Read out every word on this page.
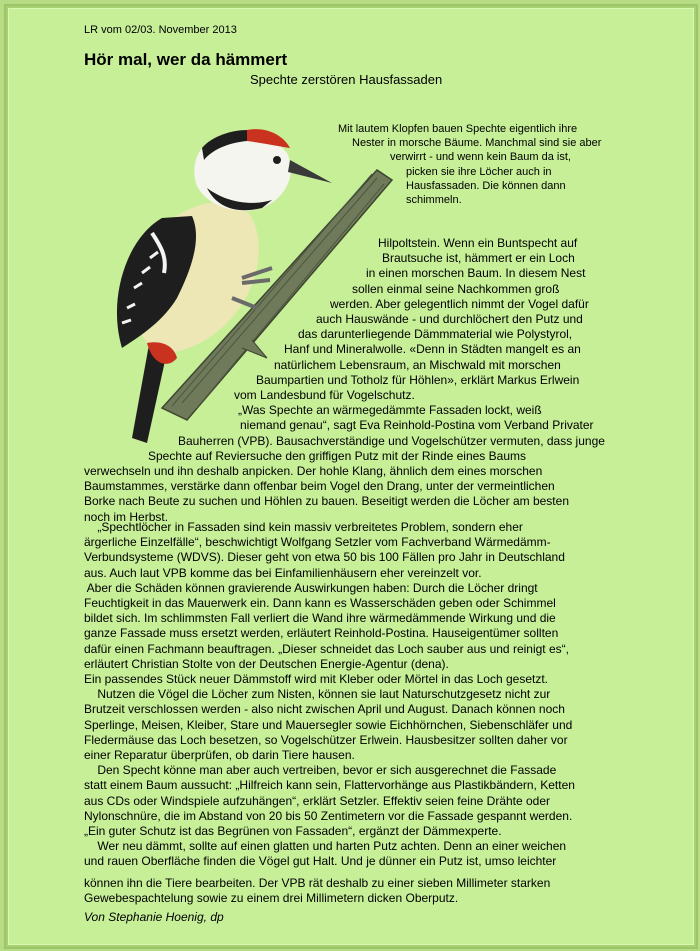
LR vom 02/03. November 2013
Hör mal, wer da hämmert
Spechte zerstören Hausfassaden
Mit lautem Klopfen bauen Spechte eigentlich ihre
Nester in morsche Bäume. Manchmal sind sie aber
verwirrt - und wenn kein Baum da ist,
picken sie ihre Löcher auch in
Hausfassaden. Die können dann
schimmeln.
Hilpoltstein. Wenn ein Buntspecht auf
Brautsuche ist, hämmert er ein Loch
in einen morschen Baum. In diesem Nest
sollen einmal seine Nachkommen groß
werden. Aber gelegentlich nimmt der Vogel dafür
auch Hauswände - und durchlöchert den Putz und
das darunterliegende Dämmmaterial wie Polystyrol,
Hanf und Mineralwolle. «Denn in Städten mangelt es an
natürlichem Lebensraum, an Mischwald mit morschen
Baumpartien und Totholz für Höhlen», erklärt Markus Erlwein
vom Landesbund für Vogelschutz.
„Was Spechte an wärmegedämmte Fassaden lockt, weiß
niemand genau“, sagt Eva Reinhold-Postina vom Verband Privater
Bauherren (VPB). Bausachverständige und Vogelschützer vermuten, dass junge
Spechte auf Reviersuche den griffigen Putz mit der Rinde eines Baums
verwechseln und ihn deshalb anpicken. Der hohle Klang, ähnlich dem eines morschen
Baumstammes, verstärke dann offenbar beim Vogel den Drang, unter der vermeintlichen
Borke nach Beute zu suchen und Höhlen zu bauen. Beseitigt werden die Löcher am besten
noch im Herbst.
„Spechtlöcher in Fassaden sind kein massiv verbreitetes Problem, sondern eher
ärgerliche Einzelfälle“, beschwichtigt Wolfgang Setzler vom Fachverband Wärmedämm-
Verbundsysteme (WDVS). Dieser geht von etwa 50 bis 100 Fällen pro Jahr in Deutschland
aus. Auch laut VPB komme das bei Einfamilienhäusern eher vereinzelt vor.
Aber die Schäden können gravierende Auswirkungen haben: Durch die Löcher dringt
Feuchtigkeit in das Mauerwerk ein. Dann kann es Wasserschäden geben oder Schimmel
bildet sich. Im schlimmsten Fall verliert die Wand ihre wärmedämmende Wirkung und die
ganze Fassade muss ersetzt werden, erläutert Reinhold-Postina. Hauseigentümer sollten
dafür einen Fachmann beauftragen. „Dieser schneidet das Loch sauber aus und reinigt es“,
erläutert Christian Stolte von der Deutschen Energie-Agentur (dena).
Ein passendes Stück neuer Dämmstoff wird mit Kleber oder Mörtel in das Loch gesetzt.
Nutzen die Vögel die Löcher zum Nisten, können sie laut Naturschutzgesetz nicht zur
Brutzeit verschlossen werden - also nicht zwischen April und August. Danach können noch
Sperlinge, Meisen, Kleiber, Stare und Mauersegler sowie Eichhörnchen, Siebenschläfer und
Fledermäuse das Loch besetzen, so Vogelschützer Erlwein. Hausbesitzer sollten daher vor
einer Reparatur überprüfen, ob darin Tiere hausen.
Den Specht könne man aber auch vertreiben, bevor er sich ausgerechnet die Fassade
statt einem Baum aussucht: „Hilfreich kann sein, Flattervorhänge aus Plastikbändern, Ketten
aus CDs oder Windspiele aufzuhängen“, erklärt Setzler. Effektiv seien feine Drähte oder
Nylonschnüre, die im Abstand von 20 bis 50 Zentimetern vor die Fassade gespannt werden.
„Ein guter Schutz ist das Begrünen von Fassaden“, ergänzt der Dämmexperte.
Wer neu dämmt, sollte auf einen glatten und harten Putz achten. Denn an einer weichen
und rauen Oberfläche finden die Vögel gut Halt. Und je dünner ein Putz ist, umso leichter
können ihn die Tiere bearbeiten. Der VPB rät deshalb zu einer sieben Millimeter starken
Gewebespachtelung sowie zu einem drei Millimetern dicken Oberputz.
Von Stephanie Hoenig, dp
